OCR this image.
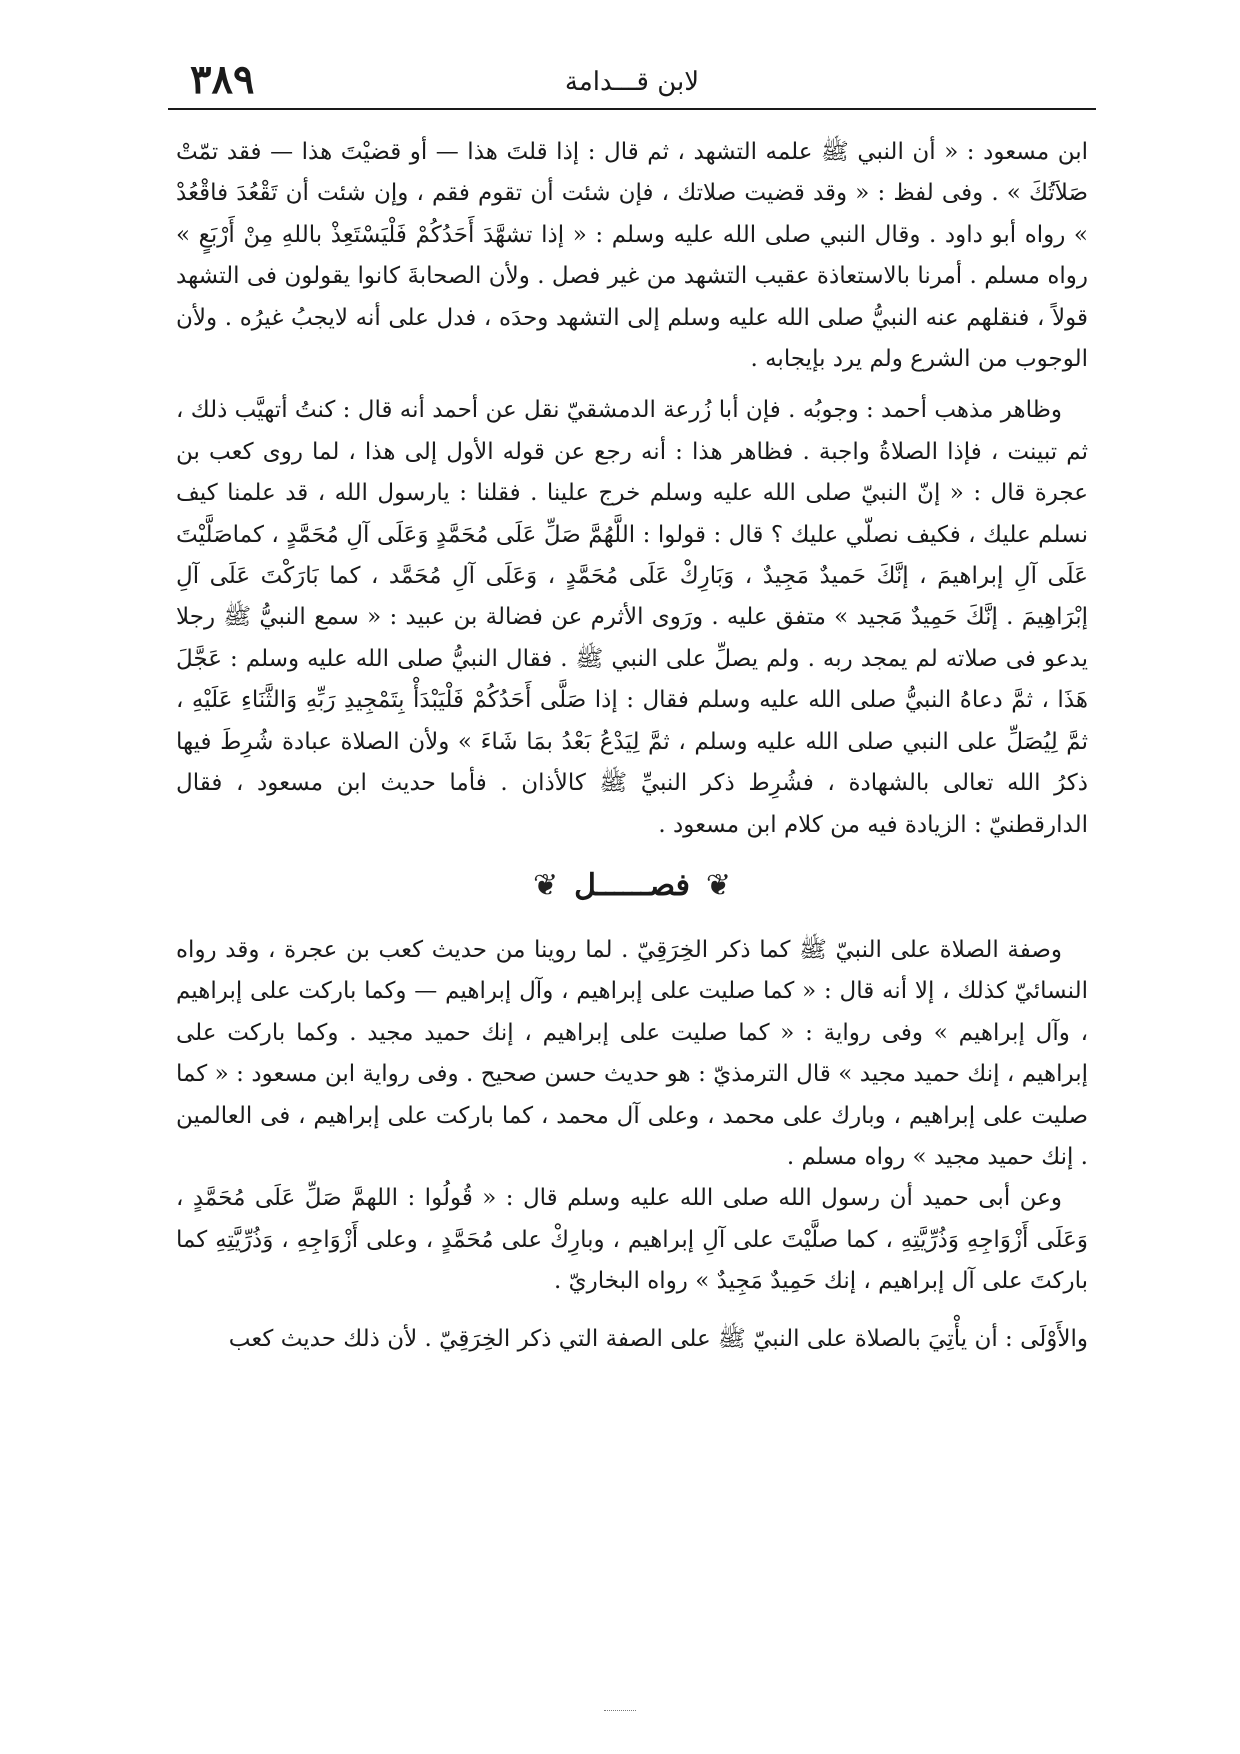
٣٨٩	لابن قـــدامة

ابن مسعود : « أن النبي ﷺ علمه التشهد ، ثم قال : إذا قلتَ هذا — أو قضيْتَ هذا — فقد تمّتْ صَلاَتُكَ » . وفى لفظ : « وقد قضيت صلاتك ، فإن شئت أن تقوم فقم ، وإن شئت أن تَقْعُدَ فاقْعُدْ » رواه أبو داود . وقال النبي صلى الله عليه وسلم : « إذا تشهَّدَ أَحَدُكُمْ فَلْيَسْتَعِذْ باللهِ مِنْ أَرْبَعٍ » رواه مسلم . أمرنا بالاستعاذة عقيب التشهد من غير فصل . ولأن الصحابةَ كانوا يقولون فى التشهد قولاً ، فنقلهم عنه النبيُّ صلى الله عليه وسلم إلى التشهد وحدَه ، فدل على أنه لايجبُ غيرُه . ولأن الوجوب من الشرع ولم يرد بإيجابه .

وظاهر مذهب أحمد : وجوبُه . فإن أبا زُرعة الدمشقيّ نقل عن أحمد أنه قال : كنتُ أتهيَّب ذلك ، ثم تبينت ، فإذا الصلاةُ واجبة . فظاهر هذا : أنه رجع عن قوله الأول إلى هذا ، لما روى كعب بن عجرة قال : « إنّ النبيّ صلى الله عليه وسلم خرج علينا . فقلنا : يارسول الله ، قد علمنا كيف نسلم عليك ، فكيف نصلّي عليك ؟ قال : قولوا : اللَّهُمَّ صَلِّ عَلَى مُحَمَّدٍ وَعَلَى آلِ مُحَمَّدٍ ، كماصَلَّيْتَ عَلَى آلِ إبراهيمَ ، إنَّكَ حَميدٌ مَجِيدٌ ، وَبَارِكْ عَلَى مُحَمَّدٍ ، وَعَلَى آلِ مُحَمَّد ، كما بَارَكْتَ عَلَى آلِ إبْرَاهِيمَ . إنَّكَ حَمِيدٌ مَجيد » متفق عليه . ورَوى الأثرم عن فضالة بن عبيد : « سمع النبيُّ ﷺ رجلا يدعو فى صلاته لم يمجد ربه . ولم يصلِّ على النبي ﷺ . فقال النبيُّ صلى الله عليه وسلم : عَجَّلَ هَذَا ، ثمَّ دعاهُ النبيُّ صلى الله عليه وسلم فقال : إذا صَلَّى أَحَدُكُمْ فَلْيَبْدَأْ بِتَمْجِيدِ رَبِّهِ وَالثَّنَاءِ عَلَيْهِ ، ثمَّ لِيُصَلِّ على النبي صلى الله عليه وسلم ، ثمَّ لِيَدْعُ بَعْدُ بمَا شَاءَ » ولأن الصلاة عبادة شُرِطَ فيها ذكرُ الله تعالى بالشهادة ، فشُرِط ذكر النبيِّ ﷺ كالأذان . فأما حديث ابن مسعود ، فقال الدارقطنيّ : الزيادة فيه من كلام ابن مسعود .

❦
فصــــــل
❦

وصفة الصلاة على النبيّ ﷺ كما ذكر الخِرَقِيّ . لما روينا من حديث كعب بن عجرة ، وقد رواه النسائيّ كذلك ، إلا أنه قال : « كما صليت على إبراهيم ، وآل إبراهيم — وكما باركت على إبراهيم ، وآل إبراهيم » وفى رواية : « كما صليت على إبراهيم ، إنك حميد مجيد . وكما باركت على إبراهيم ، إنك حميد مجيد » قال الترمذيّ : هو حديث حسن صحيح . وفى رواية ابن مسعود : « كما صليت على إبراهيم ، وبارك على محمد ، وعلى آل محمد ، كما باركت على إبراهيم ، فى العالمين . إنك حميد مجيد » رواه مسلم .

وعن أبى حميد أن رسول الله صلى الله عليه وسلم قال : « قُولُوا : اللهمَّ صَلِّ عَلَى مُحَمَّدٍ ، وَعَلَى أَزْوَاجِهِ وَذُرِّيَّتِهِ ، كما صلَّيْتَ على آلِ إبراهيم ، وبارِكْ على مُحَمَّدٍ ، وعلى أَزْوَاجِهِ ، وَذُرِّيَّتِهِ كما باركتَ على آل إبراهيم ، إنك حَمِيدٌ مَجِيدٌ » رواه البخاريّ .

والأَوْلَى : أن يأْتِيَ بالصلاة على النبيّ ﷺ على الصفة التي ذكر الخِرَقِيّ . لأن ذلك حديث كعب
